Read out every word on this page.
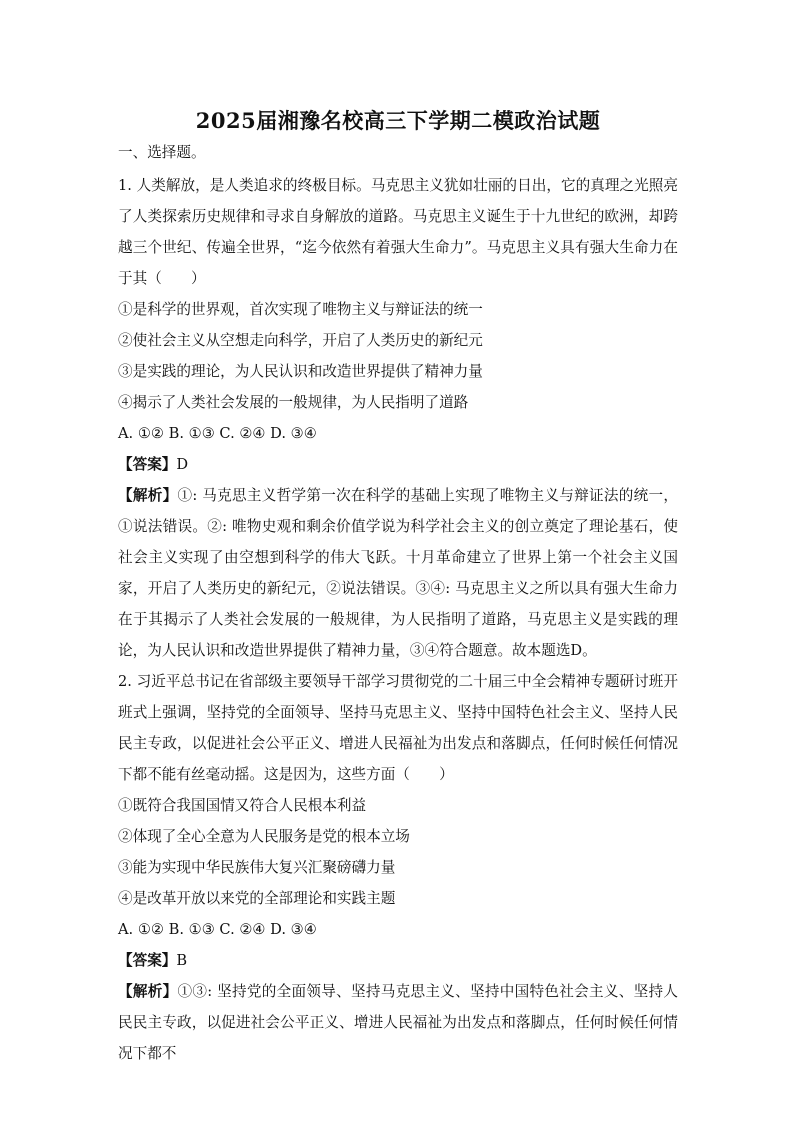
2025届湘豫名校高三下学期二模政治试题
一、选择题。

1. 人类解放，是人类追求的终极目标。马克思主义犹如壮丽的日出，它的真理之光照亮了人类探索历史规律和寻求自身解放的道路。马克思主义诞生于十九世纪的欧洲，却跨越三个世纪、传遍全世界，“迄今依然有着强大生命力”。马克思主义具有强大生命力在于其（　　）

①是科学的世界观，首次实现了唯物主义与辩证法的统一

②使社会主义从空想走向科学，开启了人类历史的新纪元

③是实践的理论，为人民认识和改造世界提供了精神力量

④揭示了人类社会发展的一般规律，为人民指明了道路

A. ①② B. ①③ C. ②④ D. ③④

【答案】D

【解析】①: 马克思主义哲学第一次在科学的基础上实现了唯物主义与辩证法的统一，①说法错误。②: 唯物史观和剩余价值学说为科学社会主义的创立奠定了理论基石，使社会主义实现了由空想到科学的伟大飞跃。十月革命建立了世界上第一个社会主义国家，开启了人类历史的新纪元，②说法错误。③④: 马克思主义之所以具有强大生命力在于其揭示了人类社会发展的一般规律，为人民指明了道路，马克思主义是实践的理论，为人民认识和改造世界提供了精神力量，③④符合题意。故本题选D。

2. 习近平总书记在省部级主要领导干部学习贯彻党的二十届三中全会精神专题研讨班开班式上强调，坚持党的全面领导、坚持马克思主义、坚持中国特色社会主义、坚持人民民主专政，以促进社会公平正义、增进人民福祉为出发点和落脚点，任何时候任何情况下都不能有丝毫动摇。这是因为，这些方面（　　）

①既符合我国国情又符合人民根本利益

②体现了全心全意为人民服务是党的根本立场

③能为实现中华民族伟大复兴汇聚磅礴力量

④是改革开放以来党的全部理论和实践主题

A. ①② B. ①③ C. ②④ D. ③④

【答案】B

【解析】①③: 坚持党的全面领导、坚持马克思主义、坚持中国特色社会主义、坚持人民民主专政，以促进社会公平正义、增进人民福祉为出发点和落脚点，任何时候任何情况下都不
